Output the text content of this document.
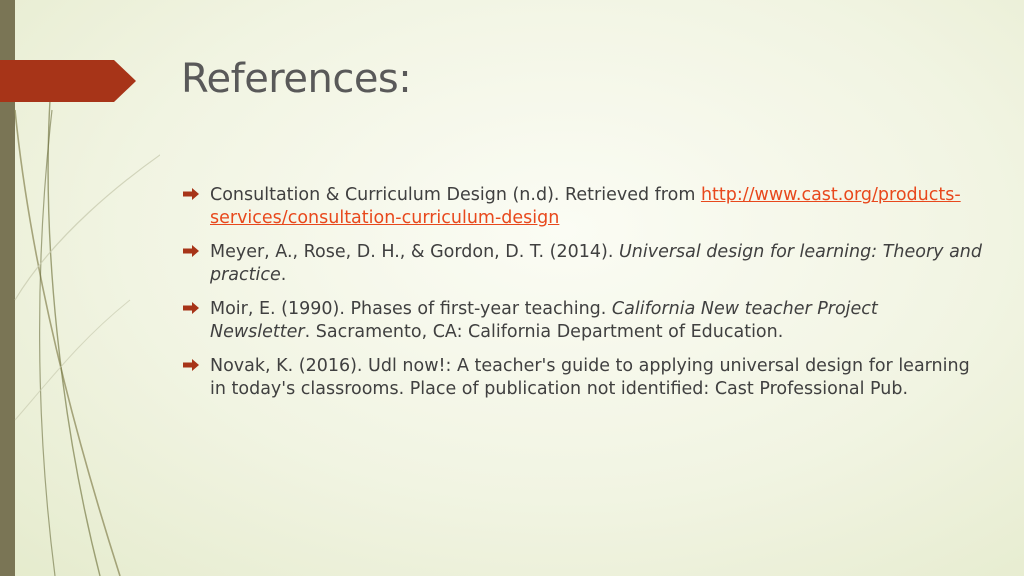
References:
Consultation & Curriculum Design (n.d). Retrieved from http://www.cast.org/products-services/consultation-curriculum-design
Meyer, A., Rose, D. H., & Gordon, D. T. (2014). Universal design for learning: Theory and practice.
Moir, E. (1990). Phases of first-year teaching. California New teacher Project Newsletter. Sacramento, CA: California Department of Education.
Novak, K. (2016). Udl now!: A teacher's guide to applying universal design for learning in today's classrooms. Place of publication not identified: Cast Professional Pub.
